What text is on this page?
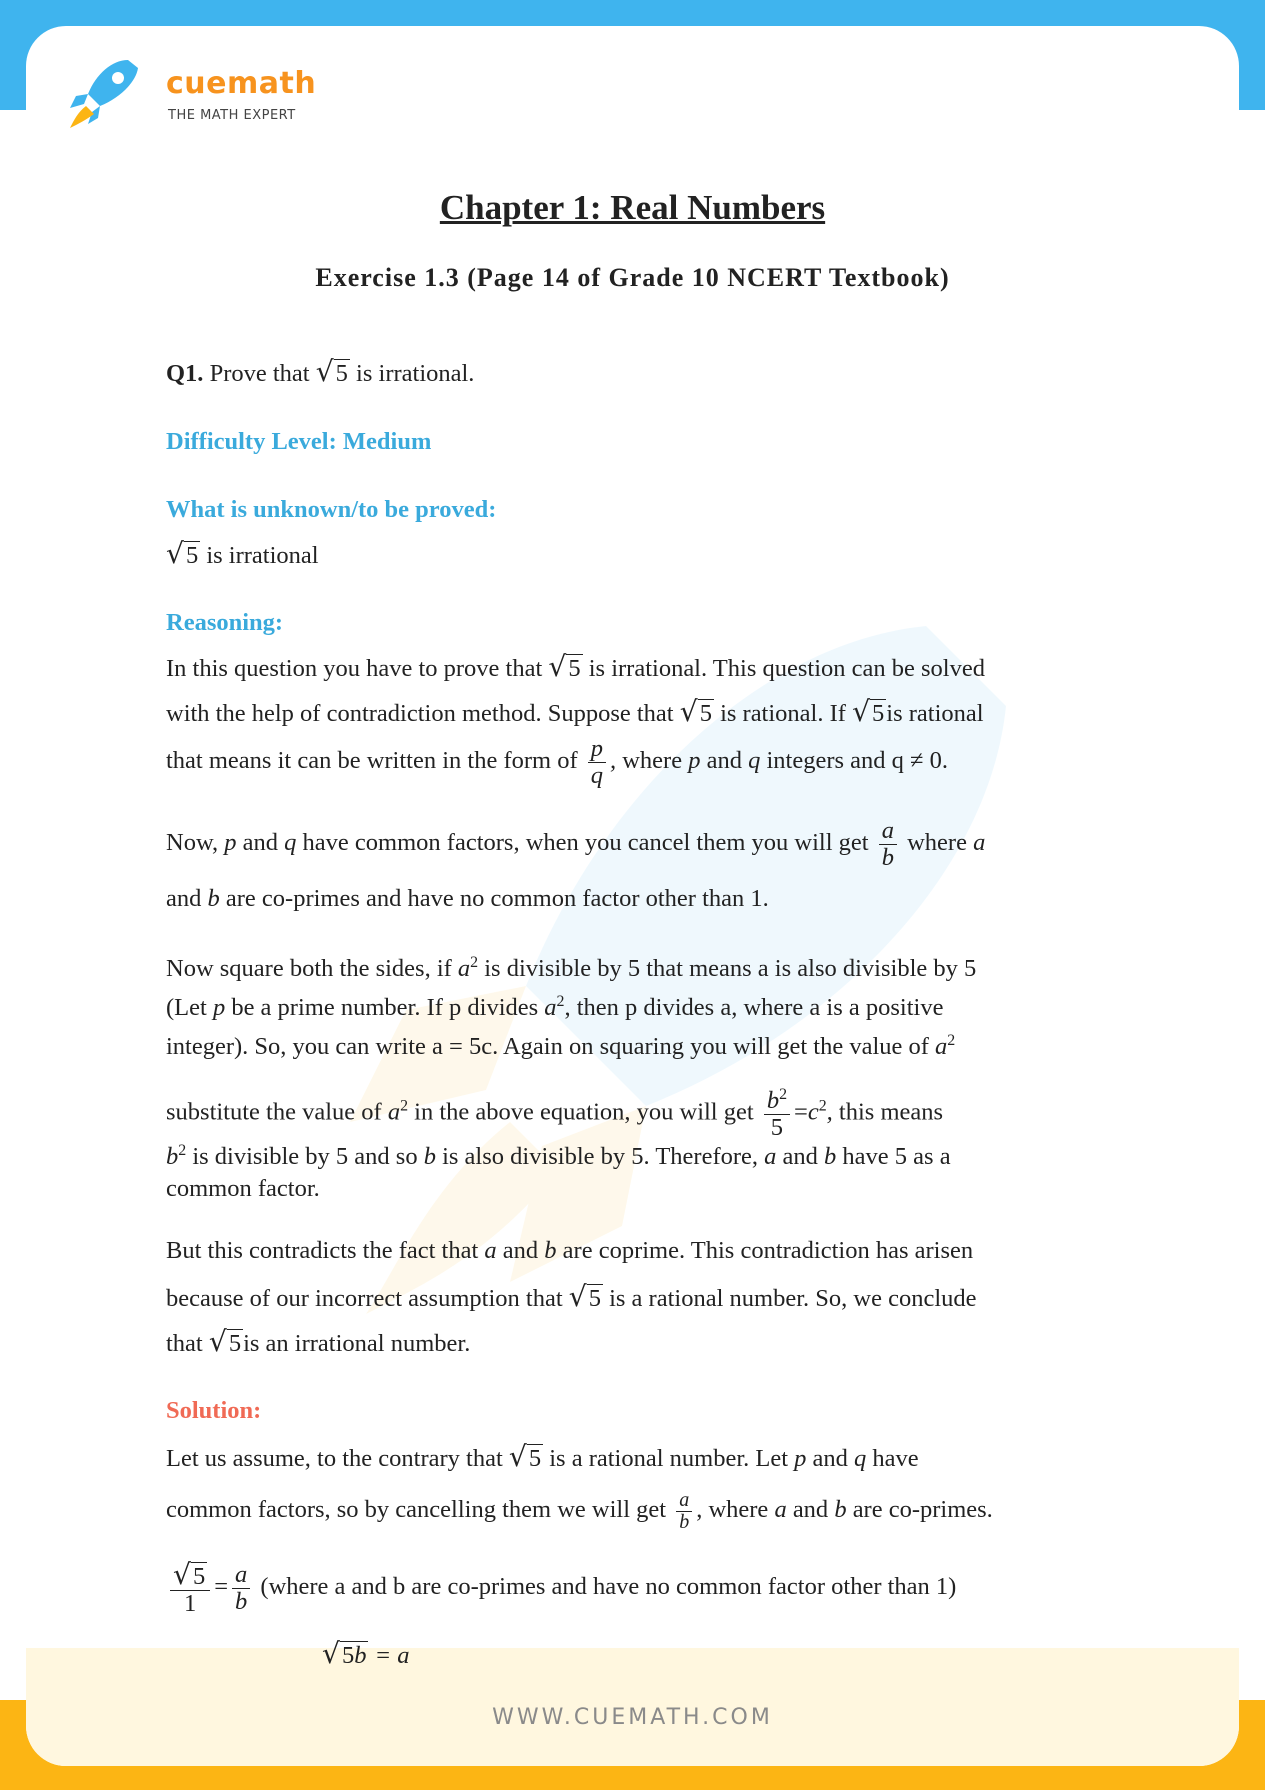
WWW.CUEMATH.COM
cuemath
THE MATH EXPERT
Chapter 1: Real Numbers
Exercise 1.3 (Page 14 of Grade 10 NCERT Textbook)
Q1. Prove that √5 is irrational.
Difficulty Level: Medium
What is unknown/to be proved:
√5 is irrational
Reasoning:
In this question you have to prove that √5 is irrational. This question can be solved
with the help of contradiction method. Suppose that √5 is rational. If √5is rational
that means it can be written in the form of $\frac{p}{q}$ , where p and q integers and q ≠ 0.
Now, p and q have common factors, when you cancel them you will get $\frac{a}{b}$ where a
and b are co-primes and have no common factor other than 1.
Now square both the sides, if $a^2$ is divisible by 5 that means a is also divisible by 5
(Let p be a prime number. If p divides $a^2$, then p divides a, where a is a positive
integer). So, you can write a = 5c. Again on squaring you will get the value of $a^2$
substitute the value of $a^2$ in the above equation, you will get $\frac{b^2}{5} =c^2$, this means
$b^2$ is divisible by 5 and so b is also divisible by 5. Therefore, a and b have 5 as a
common factor.
But this contradicts the fact that a and b are coprime. This contradiction has arisen
because of our incorrect assumption that √5 is a rational number. So, we conclude
that √5is an irrational number.
Solution:
Let us assume, to the contrary that √5 is a rational number. Let p and q have
common factors, so by cancelling them we will get $\frac{a}{b}$ , where a and b are co-primes.
$\frac{√5}{1} = \frac{a}{b}$ (where a and b are co-primes and have no common factor other than 1)
√5b = a
